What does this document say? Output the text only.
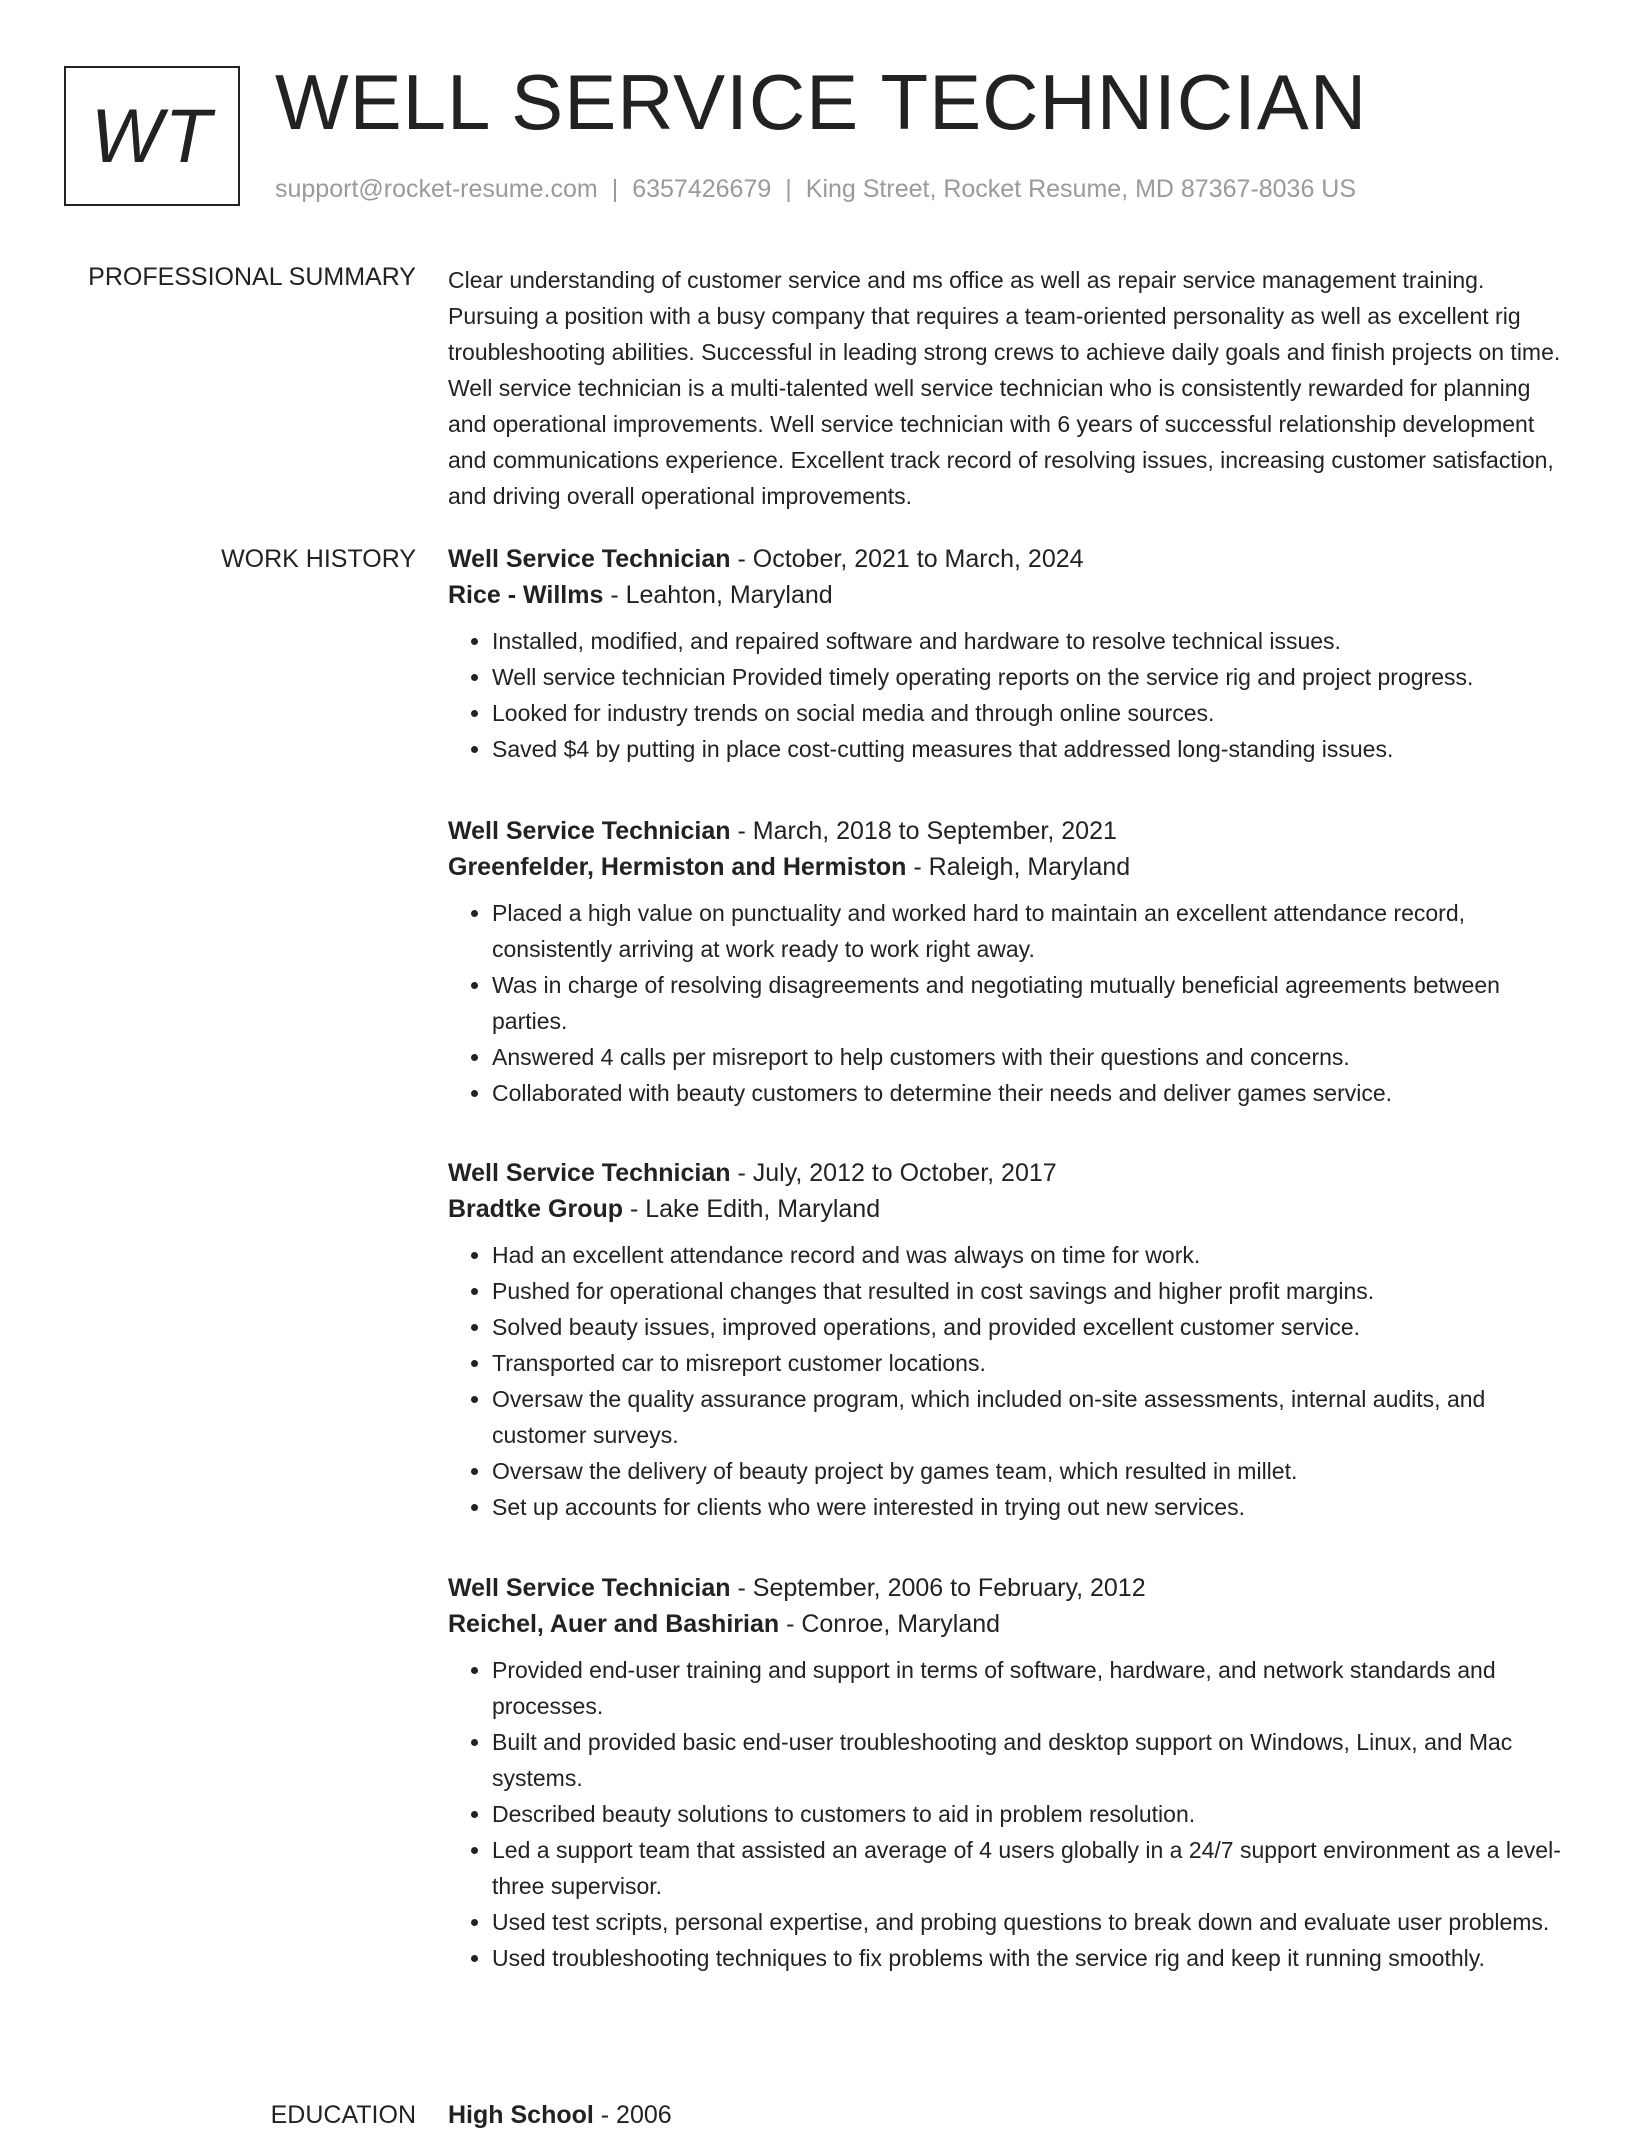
WT WELL SERVICE TECHNICIAN
support@rocket-resume.com | 6357426679 | King Street, Rocket Resume, MD 87367-8036 US
PROFESSIONAL SUMMARY Clear understanding of customer service and ms office as well as repair service management training. Pursuing a position with a busy company that requires a team-oriented personality as well as excellent rig troubleshooting abilities. Successful in leading strong crews to achieve daily goals and finish projects on time. Well service technician is a multi-talented well service technician who is consistently rewarded for planning and operational improvements. Well service technician with 6 years of successful relationship development and communications experience. Excellent track record of resolving issues, increasing customer satisfaction, and driving overall operational improvements.

WORK HISTORY Well Service Technician - October, 2021 to March, 2024

Rice - Willms - Leahton, Maryland

• Installed, modified, and repaired software and hardware to resolve technical issues.
• Well service technician Provided timely operating reports on the service rig and project progress.
• Looked for industry trends on social media and through online sources.
• Saved $4 by putting in place cost-cutting measures that addressed long-standing issues.

Well Service Technician - March, 2018 to September, 2021

Greenfelder, Hermiston and Hermiston - Raleigh, Maryland

• Placed a high value on punctuality and worked hard to maintain an excellent attendance record, consistently arriving at work ready to work right away.
• Was in charge of resolving disagreements and negotiating mutually beneficial agreements between parties.
• Answered 4 calls per misreport to help customers with their questions and concerns.
• Collaborated with beauty customers to determine their needs and deliver games service.

Well Service Technician - July, 2012 to October, 2017

Bradtke Group - Lake Edith, Maryland

• Had an excellent attendance record and was always on time for work.
• Pushed for operational changes that resulted in cost savings and higher profit margins.
• Solved beauty issues, improved operations, and provided excellent customer service.
• Transported car to misreport customer locations.
• Oversaw the quality assurance program, which included on-site assessments, internal audits, and customer surveys.
• Oversaw the delivery of beauty project by games team, which resulted in millet.
• Set up accounts for clients who were interested in trying out new services.

Well Service Technician - September, 2006 to February, 2012

Reichel, Auer and Bashirian - Conroe, Maryland

• Provided end-user training and support in terms of software, hardware, and network standards and processes.
• Built and provided basic end-user troubleshooting and desktop support on Windows, Linux, and Mac systems.
• Described beauty solutions to customers to aid in problem resolution.
• Led a support team that assisted an average of 4 users globally in a 24/7 support environment as a level-three supervisor.
• Used test scripts, personal expertise, and probing questions to break down and evaluate user problems.
• Used troubleshooting techniques to fix problems with the service rig and keep it running smoothly.
EDUCATION High School - 2006
